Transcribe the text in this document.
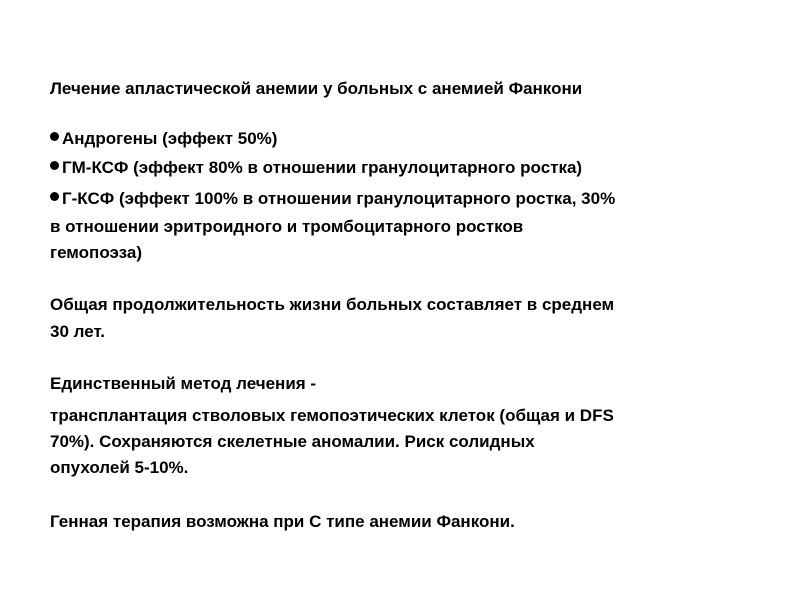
Лечение апластической анемии у больных с анемией Фанкони
Андрогены (эффект 50%)
ГМ-КСФ (эффект 80% в отношении гранулоцитарного ростка)
Г-КСФ (эффект 100% в отношении гранулоцитарного ростка, 30%
в отношении эритроидного и тромбоцитарного ростков
гемопоэза)
Общая продолжительность жизни больных составляет в среднем
30 лет.
Единственный метод лечения -
трансплантация стволовых гемопоэтических клеток (общая и DFS
70%). Сохраняются скелетные аномалии. Риск солидных
опухолей 5-10%.
Генная терапия возможна при С типе анемии Фанкони.
